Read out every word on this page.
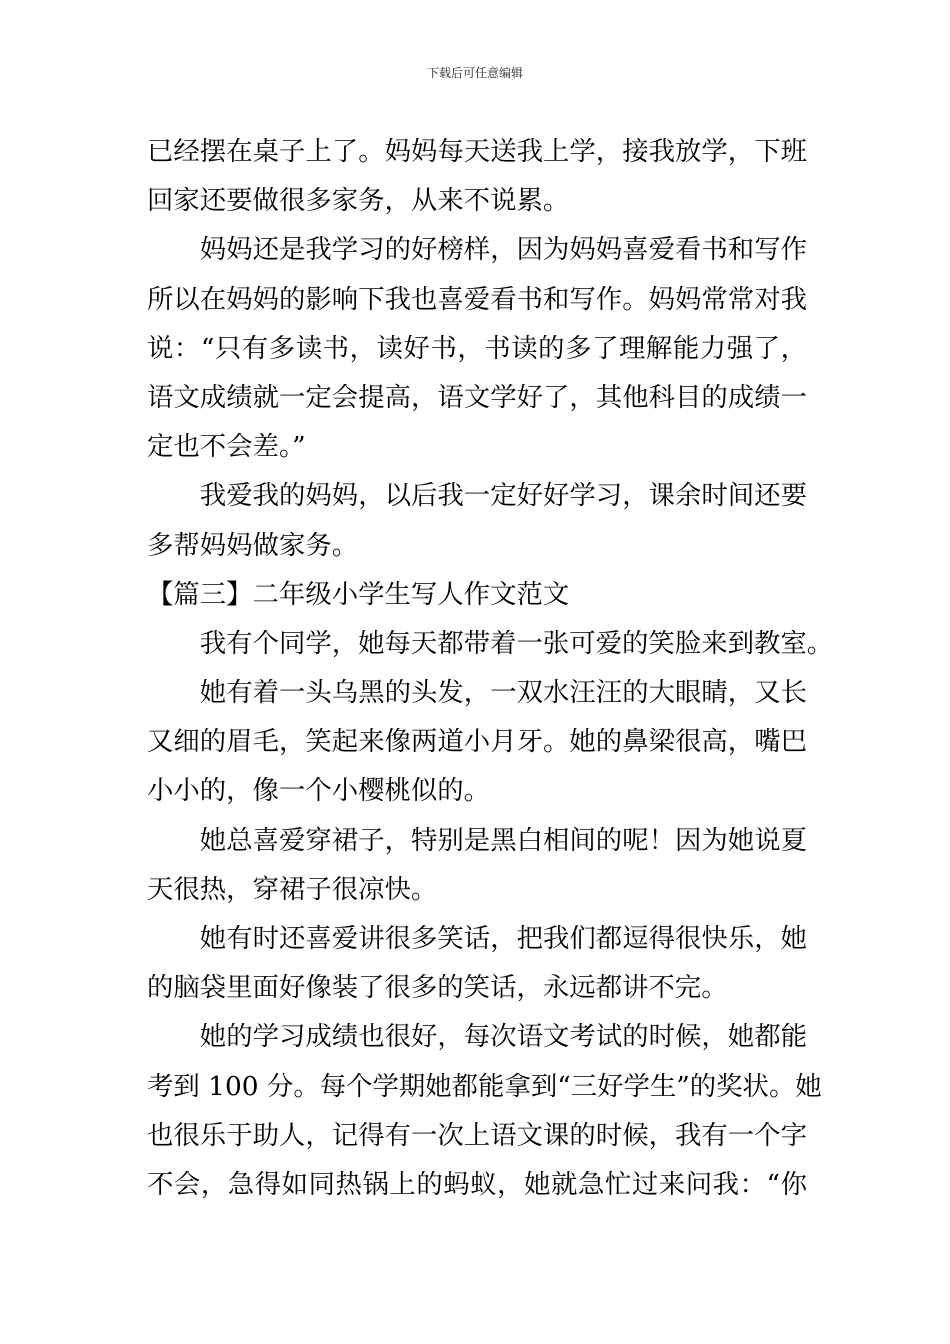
下载后可任意编辑
已经摆在桌子上了。妈妈每天送我上学，接我放学，下班
回家还要做很多家务，从来不说累。
妈妈还是我学习的好榜样，因为妈妈喜爱看书和写作
所以在妈妈的影响下我也喜爱看书和写作。妈妈常常对我
说：“只有多读书，读好书，书读的多了理解能力强了，
语文成绩就一定会提高，语文学好了，其他科目的成绩一
定也不会差。”
我爱我的妈妈，以后我一定好好学习，课余时间还要
多帮妈妈做家务。
【篇三】二年级小学生写人作文范文
我有个同学，她每天都带着一张可爱的笑脸来到教室。
她有着一头乌黑的头发，一双水汪汪的大眼睛，又长
又细的眉毛，笑起来像两道小月牙。她的鼻梁很高，嘴巴
小小的，像一个小樱桃似的。
她总喜爱穿裙子，特别是黑白相间的呢！因为她说夏
天很热，穿裙子很凉快。
她有时还喜爱讲很多笑话，把我们都逗得很快乐，她
的脑袋里面好像装了很多的笑话，永远都讲不完。
她的学习成绩也很好，每次语文考试的时候，她都能
考到 100 分。每个学期她都能拿到“三好学生”的奖状。她
也很乐于助人，记得有一次上语文课的时候，我有一个字
不会，急得如同热锅上的蚂蚁，她就急忙过来问我：“你
